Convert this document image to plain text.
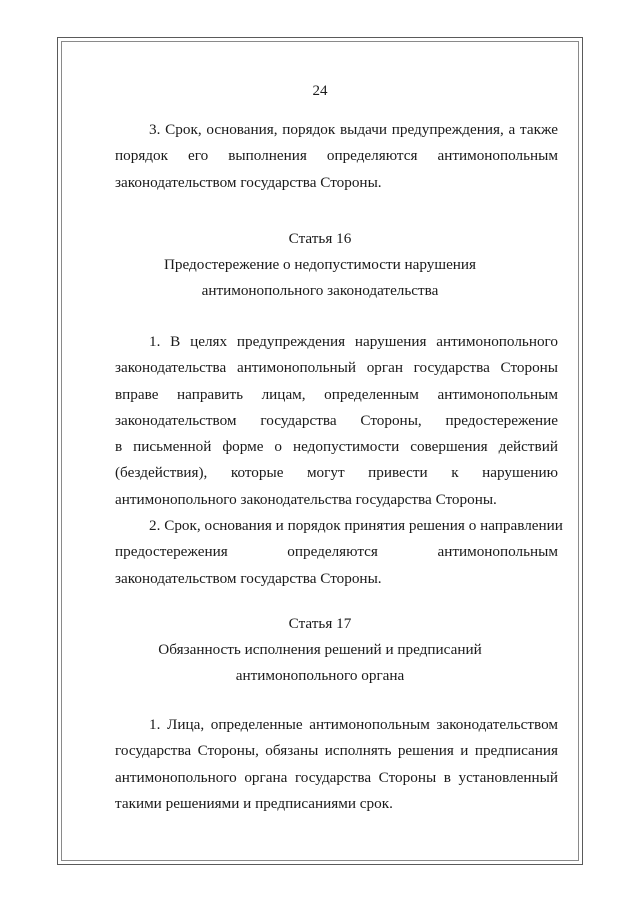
24
3. Срок, основания, порядок выдачи предупреждения, а также
порядок его выполнения определяются антимонопольным
законодательством государства Стороны.
Статья 16
Предостережение о недопустимости нарушения
антимонопольного законодательства
1. В целях предупреждения нарушения антимонопольного
законодательства антимонопольный орган государства Стороны
вправе направить лицам, определенным антимонопольным
законодательством государства Стороны, предостережение
в письменной форме о недопустимости совершения действий
(бездействия), которые могут привести к нарушению
антимонопольного законодательства государства Стороны.
2. Срок, основания и порядок принятия решения о направлении
предостережения определяются антимонопольным
законодательством государства Стороны.
Статья 17
Обязанность исполнения решений и предписаний
антимонопольного органа
1. Лица, определенные антимонопольным законодательством
государства Стороны, обязаны исполнять решения и предписания
антимонопольного органа государства Стороны в установленный
такими решениями и предписаниями срок.
